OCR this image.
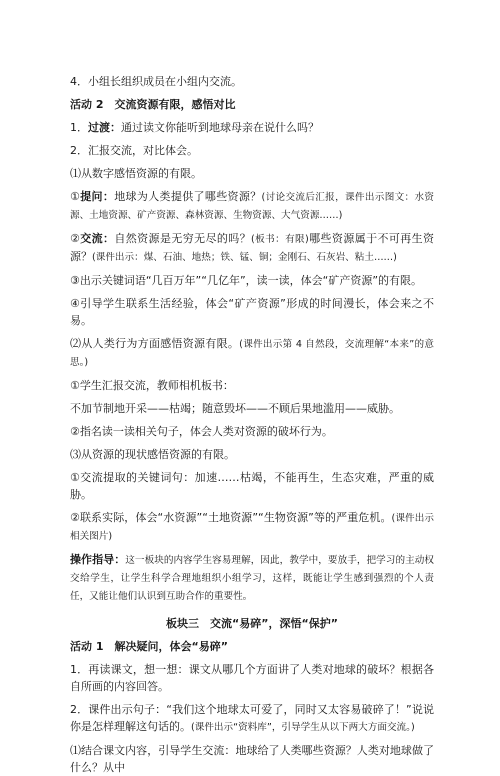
4．小组长组织成员在小组内交流。

活动 2  交流资源有限，感悟对比

1．过渡：通过读文你能听到地球母亲在说什么吗？

2．汇报交流，对比体会。

⑴从数字感悟资源的有限。

①提问：地球为人类提供了哪些资源？(讨论交流后汇报，课件出示图文：水资源、土地资源、矿产资源、森林资源、生物资源、大气资源……)

②交流：自然资源是无穷无尽的吗？(板书：有限)哪些资源属于不可再生资源？(课件出示：煤、石油、地热；铁、锰、铜；金刚石、石灰岩、粘土……)

③出示关键词语“几百万年”“几亿年”，读一读，体会“矿产资源”的有限。

④引导学生联系生活经验，体会“矿产资源”形成的时间漫长，体会来之不易。

⑵从人类行为方面感悟资源有限。(课件出示第 4 自然段，交流理解“本来”的意思。)

①学生汇报交流，教师相机板书：

不加节制地开采——枯竭；随意毁坏——不顾后果地滥用——威胁。

②指名读一读相关句子，体会人类对资源的破坏行为。

⑶从资源的现状感悟资源的有限。

①交流提取的关键词句：加速……枯竭，不能再生，生态灾难，严重的威胁。

②联系实际，体会“水资源”“土地资源”“生物资源”等的严重危机。(课件出示相关图片)

操作指导：这一板块的内容学生容易理解，因此，教学中，要放手，把学习的主动权交给学生，让学生科学合理地组织小组学习，这样，既能让学生感到强烈的个人责任，又能让他们认识到互助合作的重要性。

板块三　交流“易碎”，深悟“保护”

活动 1  解决疑问，体会“易碎”

1．再读课文，想一想：课文从哪几个方面讲了人类对地球的破坏？根据各自所画的内容回答。

2．课件出示句子：“我们这个地球太可爱了，同时又太容易破碎了！”说说你是怎样理解这句话的。(课件出示“资料库”，引导学生从以下两大方面交流。)

⑴结合课文内容，引导学生交流：地球给了人类哪些资源？人类对地球做了什么？从中
